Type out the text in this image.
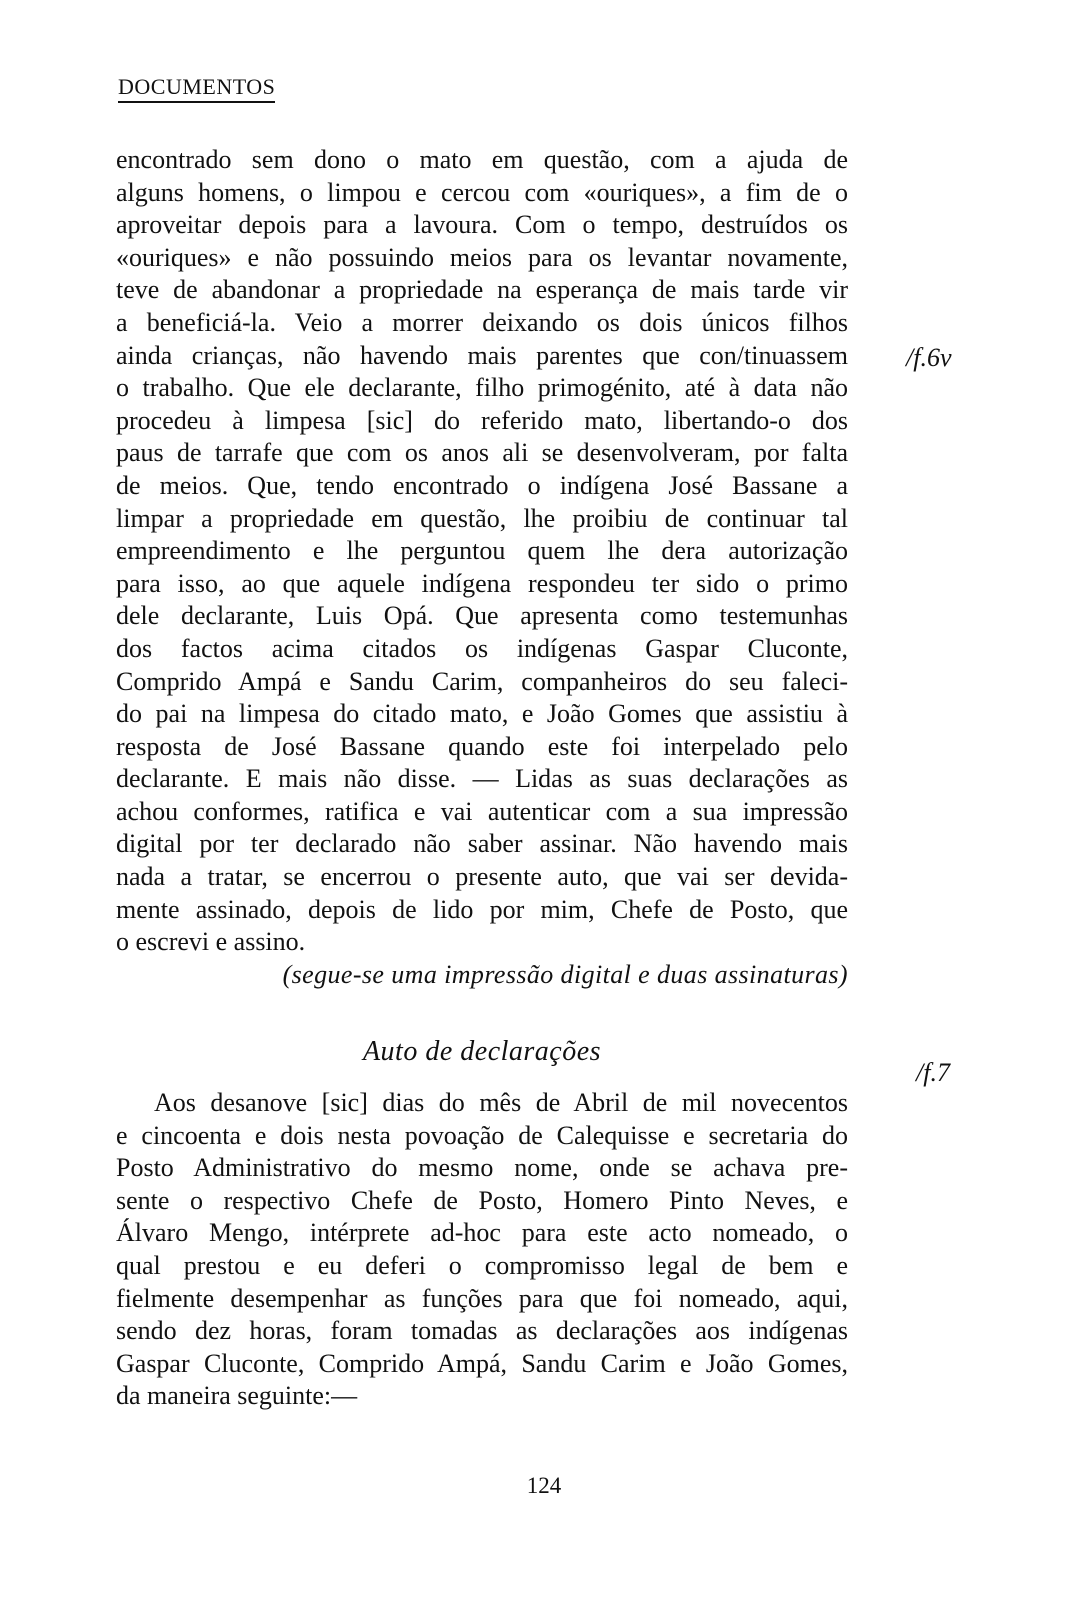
DOCUMENTOS
encontrado sem dono o mato em questão, com a ajuda de
alguns homens, o limpou e cercou com «ouriques», a fim de o
aproveitar depois para a lavoura. Com o tempo, destruídos os
«ouriques» e não possuindo meios para os levantar novamente,
teve de abandonar a propriedade na esperança de mais tarde vir
a beneficiá-la. Veio a morrer deixando os dois únicos filhos
ainda crianças, não havendo mais parentes que con/tinuassem
o trabalho. Que ele declarante, filho primogénito, até à data não
procedeu à limpesa [sic] do referido mato, libertando-o dos
paus de tarrafe que com os anos ali se desenvolveram, por falta
de meios. Que, tendo encontrado o indígena José Bassane a
limpar a propriedade em questão, lhe proibiu de continuar tal
empreendimento e lhe perguntou quem lhe dera autorização
para isso, ao que aquele indígena respondeu ter sido o primo
dele declarante, Luis Opá. Que apresenta como testemunhas
dos factos acima citados os indígenas Gaspar Cluconte,
Comprido Ampá e Sandu Carim, companheiros do seu faleci-
do pai na limpesa do citado mato, e João Gomes que assistiu à
resposta de José Bassane quando este foi interpelado pelo
declarante. E mais não disse. — Lidas as suas declarações as
achou conformes, ratifica e vai autenticar com a sua impressão
digital por ter declarado não saber assinar. Não havendo mais
nada a tratar, se encerrou o presente auto, que vai ser devida-
mente assinado, depois de lido por mim, Chefe de Posto, que
o escrevi e assino.
(segue-se uma impressão digital e duas assinaturas)
Auto de declarações
Aos desanove [sic] dias do mês de Abril de mil novecentos
e cincoenta e dois nesta povoação de Calequisse e secretaria do
Posto Administrativo do mesmo nome, onde se achava pre-
sente o respectivo Chefe de Posto, Homero Pinto Neves, e
Álvaro Mengo, intérprete ad-hoc para este acto nomeado, o
qual prestou e eu deferi o compromisso legal de bem e
fielmente desempenhar as funções para que foi nomeado, aqui,
sendo dez horas, foram tomadas as declarações aos indígenas
Gaspar Cluconte, Comprido Ampá, Sandu Carim e João Gomes,
da maneira seguinte:—
/f.6v
/f.7
124
